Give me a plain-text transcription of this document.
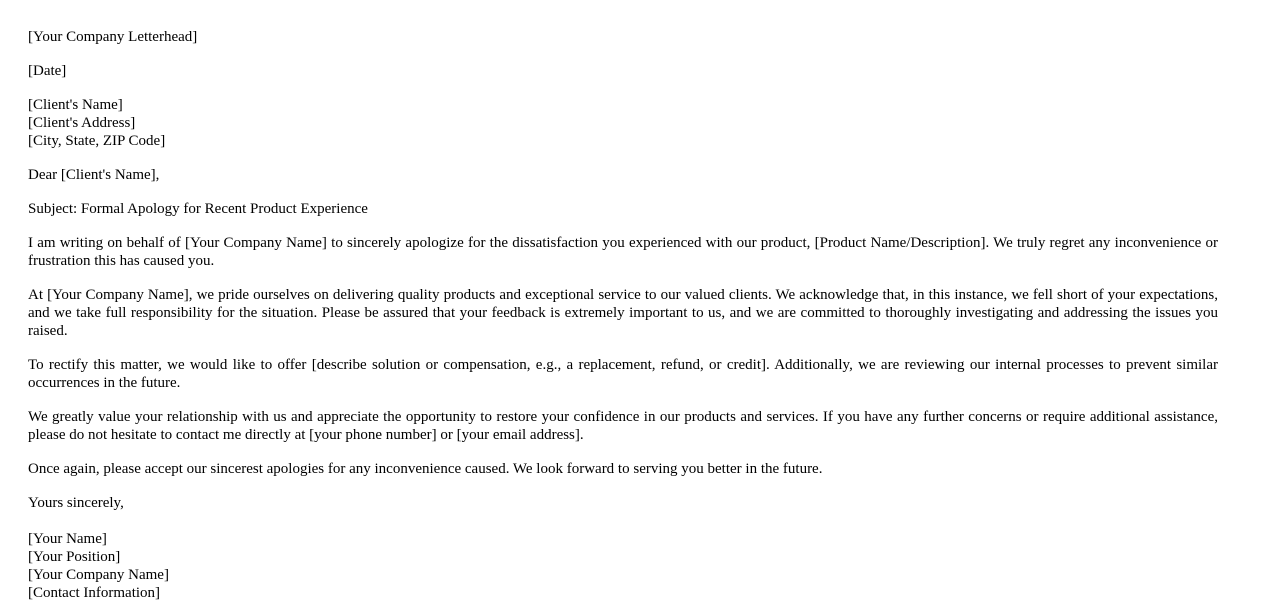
[Your Company Letterhead]
[Date]
[Client's Name]
[Client's Address]
[City, State, ZIP Code]
Dear [Client's Name],
Subject: Formal Apology for Recent Product Experience
I am writing on behalf of [Your Company Name] to sincerely apologize for the dissatisfaction you experienced with our product, [Product Name/Description]. We truly regret any inconvenience or frustration this has caused you.
At [Your Company Name], we pride ourselves on delivering quality products and exceptional service to our valued clients. We acknowledge that, in this instance, we fell short of your expectations, and we take full responsibility for the situation. Please be assured that your feedback is extremely important to us, and we are committed to thoroughly investigating and addressing the issues you raised.
To rectify this matter, we would like to offer [describe solution or compensation, e.g., a replacement, refund, or credit]. Additionally, we are reviewing our internal processes to prevent similar occurrences in the future.
We greatly value your relationship with us and appreciate the opportunity to restore your confidence in our products and services. If you have any further concerns or require additional assistance, please do not hesitate to contact me directly at [your phone number] or [your email address].
Once again, please accept our sincerest apologies for any inconvenience caused. We look forward to serving you better in the future.
Yours sincerely,
[Your Name]
[Your Position]
[Your Company Name]
[Contact Information]
